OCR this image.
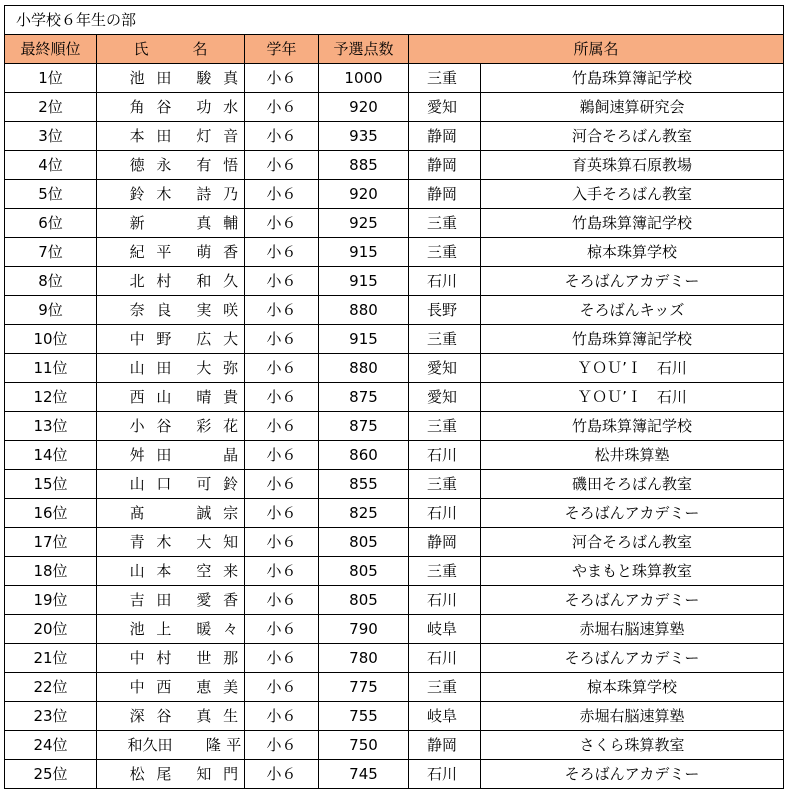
小学校６年生の部					
最終順位	氏 名	学年	予選点数	所属名	
1位	池 田 駿 真	小６	1000	三重	竹島珠算簿記学校
2位	角 谷 功 水	小６	920	愛知	鵜飼速算研究会
3位	本 田 灯 音	小６	935	静岡	河合そろばん教室
4位	徳 永 有 悟	小６	885	静岡	育英珠算石原教場
5位	鈴 木 詩 乃	小６	920	静岡	入手そろばん教室
6位	新 真 輔	小６	925	三重	竹島珠算簿記学校
7位	紀 平 萌 香	小６	915	三重	椋本珠算学校
8位	北 村 和 久	小６	915	石川	そろばんアカデミー
9位	奈 良 実 咲	小６	880	長野	そろばんキッズ
10位	中 野 広 大	小６	915	三重	竹島珠算簿記学校
11位	山 田 大 弥	小６	880	愛知	ＹＯＵ’Ｉ　石川
12位	西 山 晴 貴	小６	875	愛知	ＹＯＵ’Ｉ　石川
13位	小 谷 彩 花	小６	875	三重	竹島珠算簿記学校
14位	舛 田 晶	小６	860	石川	松井珠算塾
15位	山 口 可 鈴	小６	855	三重	磯田そろばん教室
16位	髙 誠 宗	小６	825	石川	そろばんアカデミー
17位	青 木 大 知	小６	805	静岡	河合そろばん教室
18位	山 本 空 来	小６	805	三重	やまもと珠算教室
19位	吉 田 愛 香	小６	805	石川	そろばんアカデミー
20位	池 上 暖 々	小６	790	岐阜	赤堀右脳速算塾
21位	中 村 世 那	小６	780	石川	そろばんアカデミー
22位	中 西 恵 美	小６	775	三重	椋本珠算学校
23位	深 谷 真 生	小６	755	岐阜	赤堀右脳速算塾
24位	和久田 隆 平	小６	750	静岡	さくら珠算教室
25位	松 尾 知 門	小６	745	石川	そろばんアカデミー
